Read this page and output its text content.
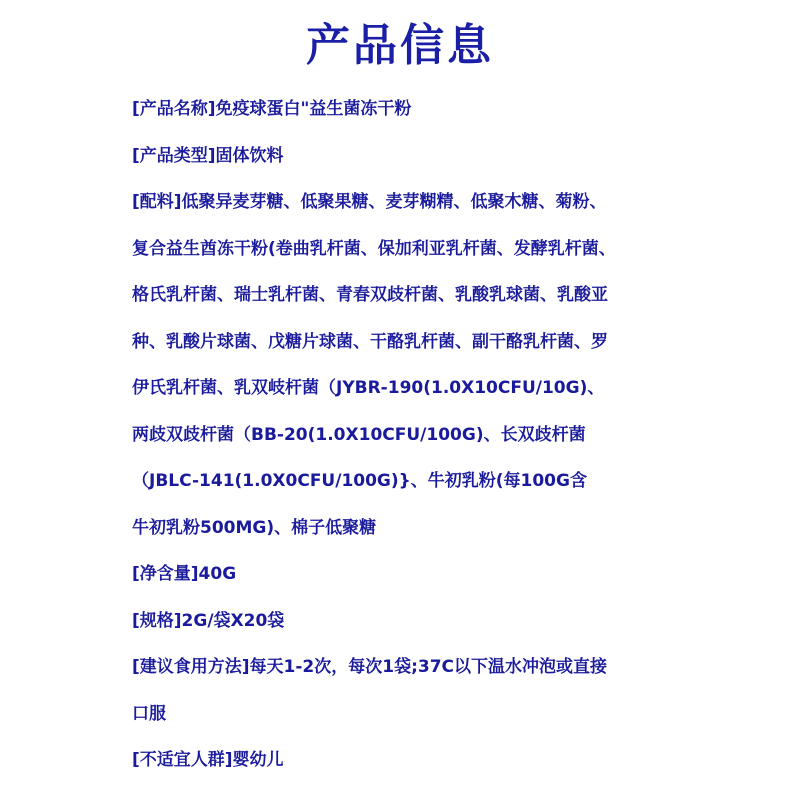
产品信息
[产品名称]免疫球蛋白"益生菌冻干粉
[产品类型]固体饮料
[配料]低聚异麦芽糖、低聚果糖、麦芽糊精、低聚木糖、菊粉、
复合益生酋冻干粉(卷曲乳杆菌、保加利亚乳杆菌、发酵乳杆菌、
格氏乳杆菌、瑞士乳杆菌、青春双歧杆菌、乳酸乳球菌、乳酸亚
种、乳酸片球菌、戊糖片球菌、干酪乳杆菌、副干酪乳杆菌、罗
伊氏乳杆菌、乳双岐杆菌（JYBR-190(1.0X10CFU/10G)、
两歧双歧杆菌（BB-20(1.0X10CFU/100G)、长双歧杆菌
（JBLC-141(1.0X0CFU/100G)}、牛初乳粉(每100G含
牛初乳粉500MG)、棉子低聚糖
[净含量]40G
[规格]2G/袋X20袋
[建议食用方法]每天1-2次，每次1袋;37C以下温水冲泡或直接
口服
[不适宜人群]婴幼儿
